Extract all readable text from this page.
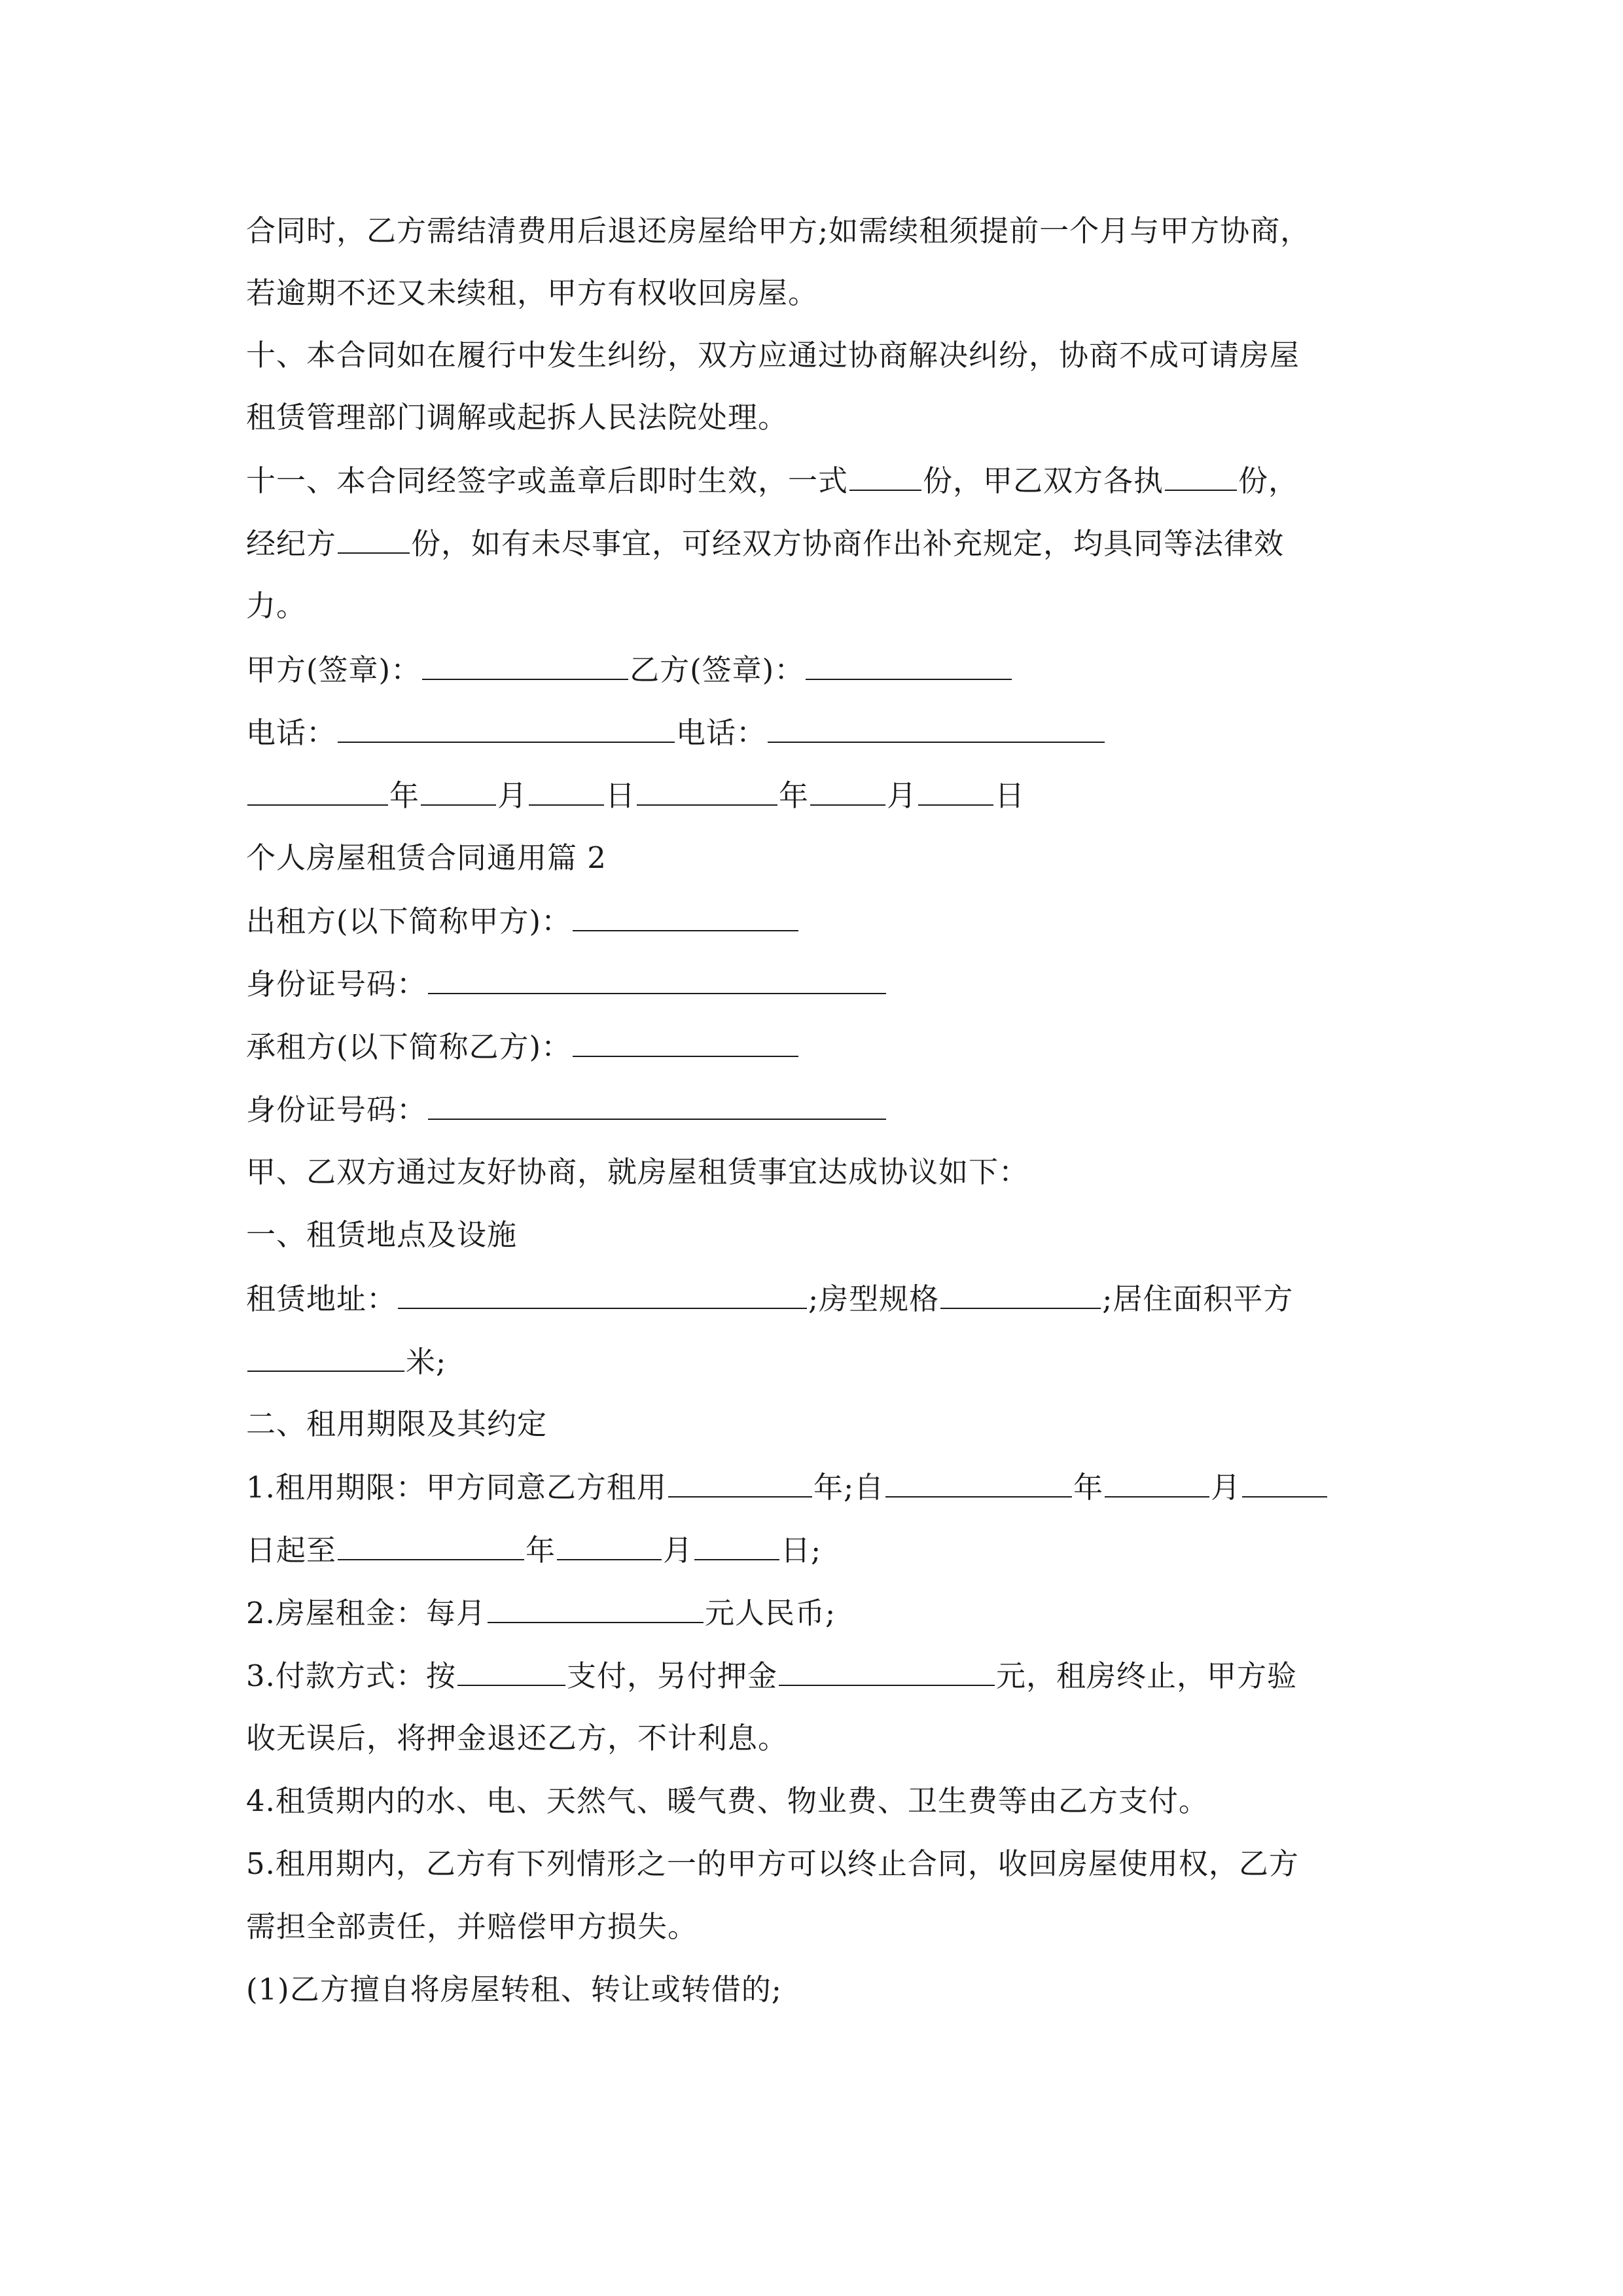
合同时，乙方需结清费用后退还房屋给甲方;如需续租须提前一个月与甲方协商，
若逾期不还又未续租，甲方有权收回房屋。
十、本合同如在履行中发生纠纷，双方应通过协商解决纠纷，协商不成可请房屋
租赁管理部门调解或起拆人民法院处理。
十一、本合同经签字或盖章后即时生效，一式	份，甲乙双方各执	份，
经纪方	份，如有未尽事宜，可经双方协商作出补充规定，均具同等法律效
力。
甲方(签章)：	乙方(签章)：
电话：	电话：
年	月	日	年	月	日
个人房屋租赁合同通用篇 2
出租方(以下简称甲方)：
身份证号码：
承租方(以下简称乙方)：
身份证号码：
甲、乙双方通过友好协商，就房屋租赁事宜达成协议如下：
一、租赁地点及设施
租赁地址：	;房型规格	;居住面积平方
米;
二、租用期限及其约定
1.租用期限：甲方同意乙方租用	年;自	年	月
日起至	年	月	日;
2.房屋租金：每月	元人民币;
3.付款方式：按	支付，另付押金	元，租房终止，甲方验
收无误后，将押金退还乙方，不计利息。
4.租赁期内的水、电、天然气、暖气费、物业费、卫生费等由乙方支付。
5.租用期内，乙方有下列情形之一的甲方可以终止合同，收回房屋使用权，乙方
需担全部责任，并赔偿甲方损失。
(1)乙方擅自将房屋转租、转让或转借的;
